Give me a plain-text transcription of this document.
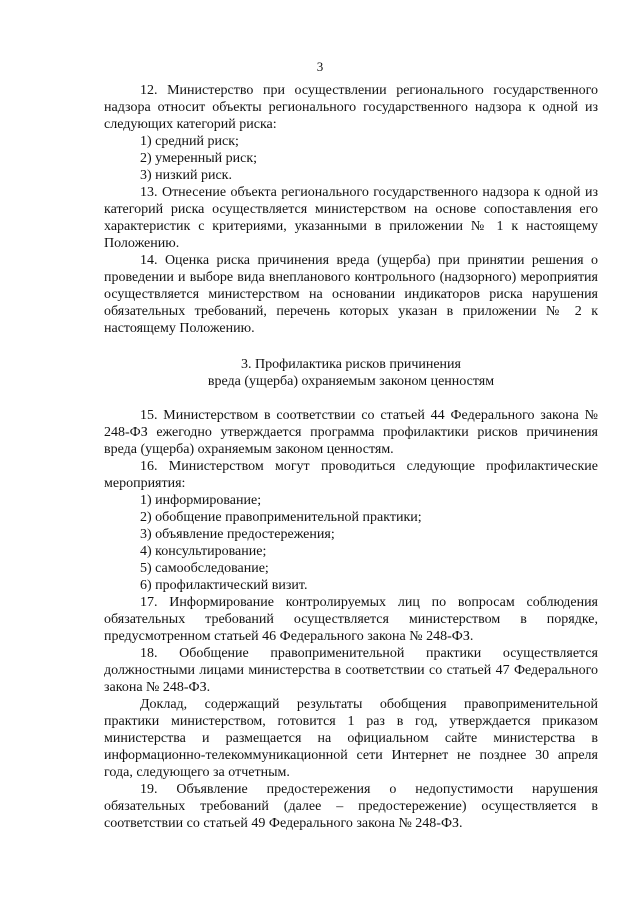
3

12. Министерство при осуществлении регионального государственного надзора относит объекты регионального государственного надзора к одной из следующих категорий риска:

1) средний риск;

2) умеренный риск;

3) низкий риск.

13. Отнесение объекта регионального государственного надзора к одной из категорий риска осуществляется министерством на основе сопоставления его характеристик с критериями, указанными в приложении № 1 к настоящему Положению.

14. Оценка риска причинения вреда (ущерба) при принятии решения о проведении и выборе вида внепланового контрольного (надзорного) мероприятия осуществляется министерством на основании индикаторов риска нарушения обязательных требований, перечень которых указан в приложении № 2 к настоящему Положению.

3. Профилактика рисков причинения

вреда (ущерба) охраняемым законом ценностям

15. Министерством в соответствии со статьей 44 Федерального закона № 248-ФЗ ежегодно утверждается программа профилактики рисков причинения вреда (ущерба) охраняемым законом ценностям.

16. Министерством могут проводиться следующие профилактические мероприятия:

1) информирование;

2) обобщение правоприменительной практики;

3) объявление предостережения;

4) консультирование;

5) самообследование;

6) профилактический визит.

17. Информирование контролируемых лиц по вопросам соблюдения обязательных требований осуществляется министерством в порядке, предусмотренном статьей 46 Федерального закона № 248-ФЗ.

18. Обобщение правоприменительной практики осуществляется должностными лицами министерства в соответствии со статьей 47 Федерального закона № 248-ФЗ.

Доклад, содержащий результаты обобщения правоприменительной практики министерством, готовится 1 раз в год, утверждается приказом министерства и размещается на официальном сайте министерства в информационно-телекоммуникационной сети Интернет не позднее 30 апреля года, следующего за отчетным.

19. Объявление предостережения о недопустимости нарушения обязательных требований (далее – предостережение) осуществляется в соответствии со статьей 49 Федерального закона № 248-ФЗ.
